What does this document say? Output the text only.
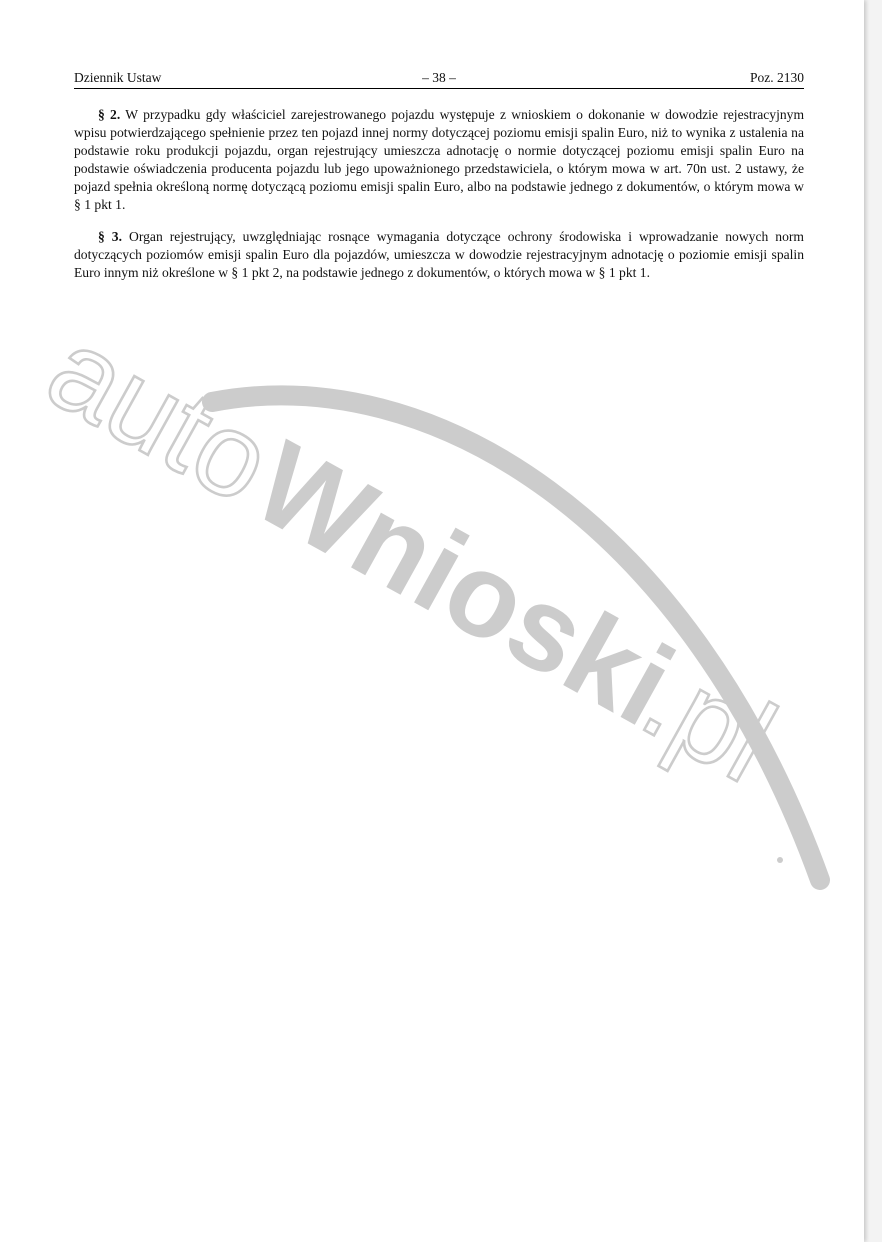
Dziennik Ustaw	– 38 –	Poz. 2130

§ 2. W przypadku gdy właściciel zarejestrowanego pojazdu występuje z wnioskiem o dokonanie w dowodzie rejestracyjnym wpisu potwierdzającego spełnienie przez ten pojazd innej normy dotyczącej poziomu emisji spalin Euro, niż to wynika z ustalenia na podstawie roku produkcji pojazdu, organ rejestrujący umieszcza adnotację o normie dotyczącej poziomu emisji spalin Euro na podstawie oświadczenia producenta pojazdu lub jego upoważnionego przedstawiciela, o którym mowa w art. 70n ust. 2 ustawy, że pojazd spełnia określoną normę dotyczącą poziomu emisji spalin Euro, albo na podstawie jednego z dokumentów, o którym mowa w § 1 pkt 1.

§ 3. Organ rejestrujący, uwzględniając rosnące wymagania dotyczące ochrony środowiska i wprowadzanie nowych norm dotyczących poziomów emisji spalin Euro dla pojazdów, umieszcza w dowodzie rejestracyjnym adnotację o poziomie emisji spalin Euro innym niż określone w § 1 pkt 2, na podstawie jednego z dokumentów, o których mowa w § 1 pkt 1.

auto
Wnioski
.pl
